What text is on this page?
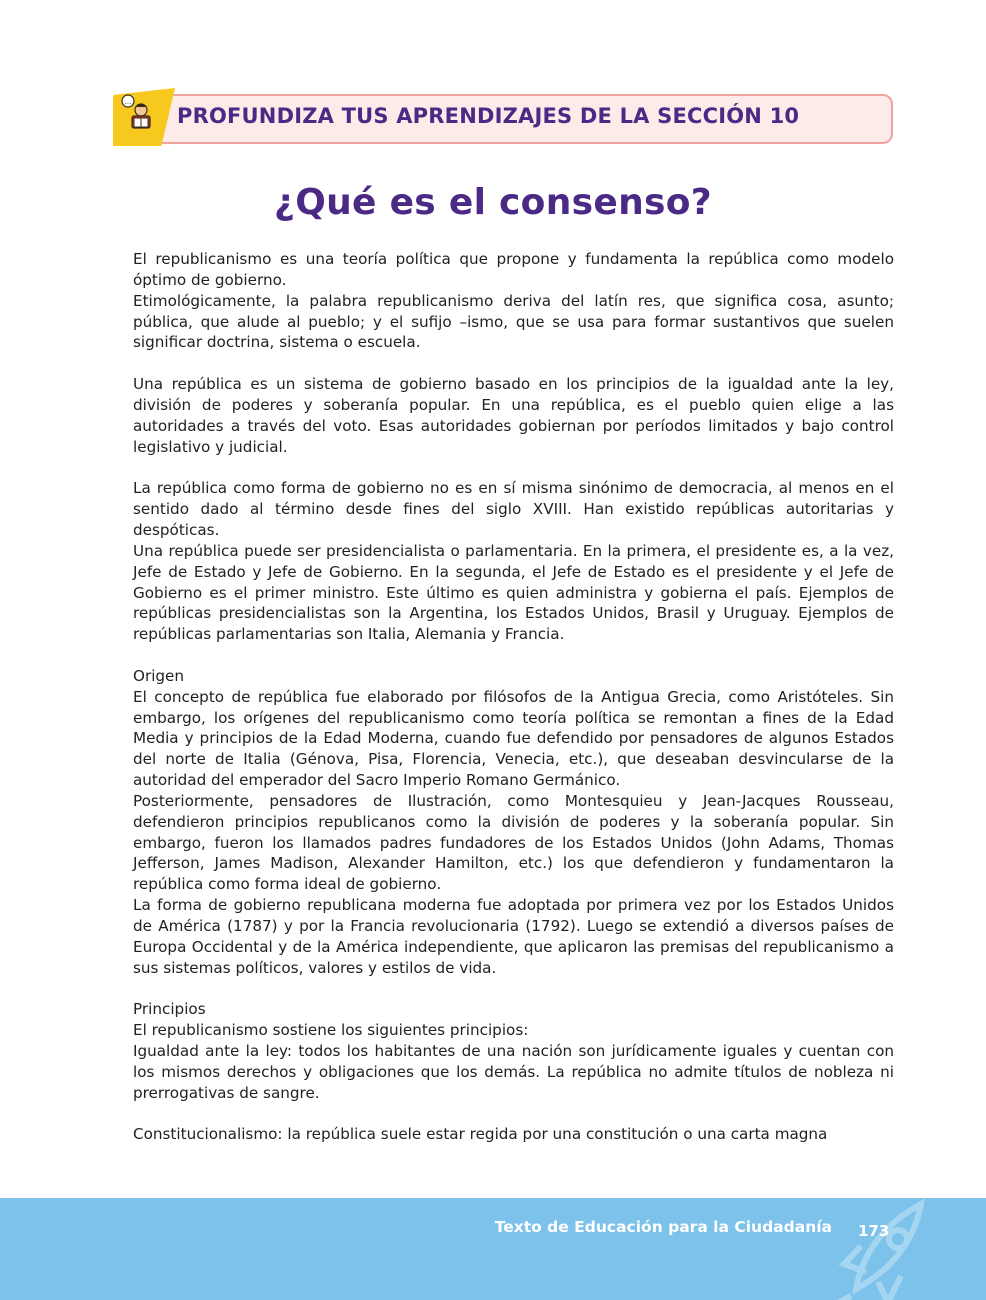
...
PROFUNDIZA TUS APRENDIZAJES DE LA SECCIÓN 10
¿Qué es el consenso?

El republicanismo es una teoría política que propone y fundamenta la república como modelo óptimo de gobierno.

Etimológicamente, la palabra republicanismo deriva del latín res, que significa cosa, asunto; pública, que alude al pueblo; y el sufijo –ismo, que se usa para formar sustantivos que suelen significar doctrina, sistema o escuela.

Una república es un sistema de gobierno basado en los principios de la igualdad ante la ley, división de poderes y soberanía popular. En una república, es el pueblo quien elige a las autoridades a través del voto. Esas autoridades gobiernan por períodos limitados y bajo control legislativo y judicial.

La república como forma de gobierno no es en sí misma sinónimo de democracia, al menos en el sentido dado al término desde fines del siglo XVIII. Han existido repúblicas autoritarias y despóticas.

Una república puede ser presidencialista o parlamentaria. En la primera, el presidente es, a la vez, Jefe de Estado y Jefe de Gobierno. En la segunda, el Jefe de Estado es el presidente y el Jefe de Gobierno es el primer ministro. Este último es quien administra y gobierna el país. Ejemplos de repúblicas presidencialistas son la Argentina, los Estados Unidos, Brasil y Uruguay. Ejemplos de repúblicas parlamentarias son Italia, Alemania y Francia.

Origen

El concepto de república fue elaborado por filósofos de la Antigua Grecia, como Aristóteles. Sin embargo, los orígenes del republicanismo como teoría política se remontan a fines de la Edad Media y principios de la Edad Moderna, cuando fue defendido por pensadores de algunos Estados del norte de Italia (Génova, Pisa, Florencia, Venecia, etc.), que deseaban desvincularse de la autoridad del emperador del Sacro Imperio Romano Germánico.

Posteriormente, pensadores de Ilustración, como Montesquieu y Jean-Jacques Rousseau, defendieron principios republicanos como la división de poderes y la soberanía popular. Sin embargo, fueron los llamados padres fundadores de los Estados Unidos (John Adams, Thomas Jefferson, James Madison, Alexander Hamilton, etc.) los que defendieron y fundamentaron la república como forma ideal de gobierno.

La forma de gobierno republicana moderna fue adoptada por primera vez por los Estados Unidos de América (1787) y por la Francia revolucionaria (1792). Luego se extendió a diversos países de Europa Occidental y de la América independiente, que aplicaron las premisas del republicanismo a sus sistemas políticos, valores y estilos de vida.

Principios

El republicanismo sostiene los siguientes principios:

Igualdad ante la ley: todos los habitantes de una nación son jurídicamente iguales y cuentan con los mismos derechos y obligaciones que los demás. La república no admite títulos de nobleza ni prerrogativas de sangre.

Constitucionalismo: la república suele estar regida por una constitución o una carta magna

Texto de Educación para la Ciudadanía 173
